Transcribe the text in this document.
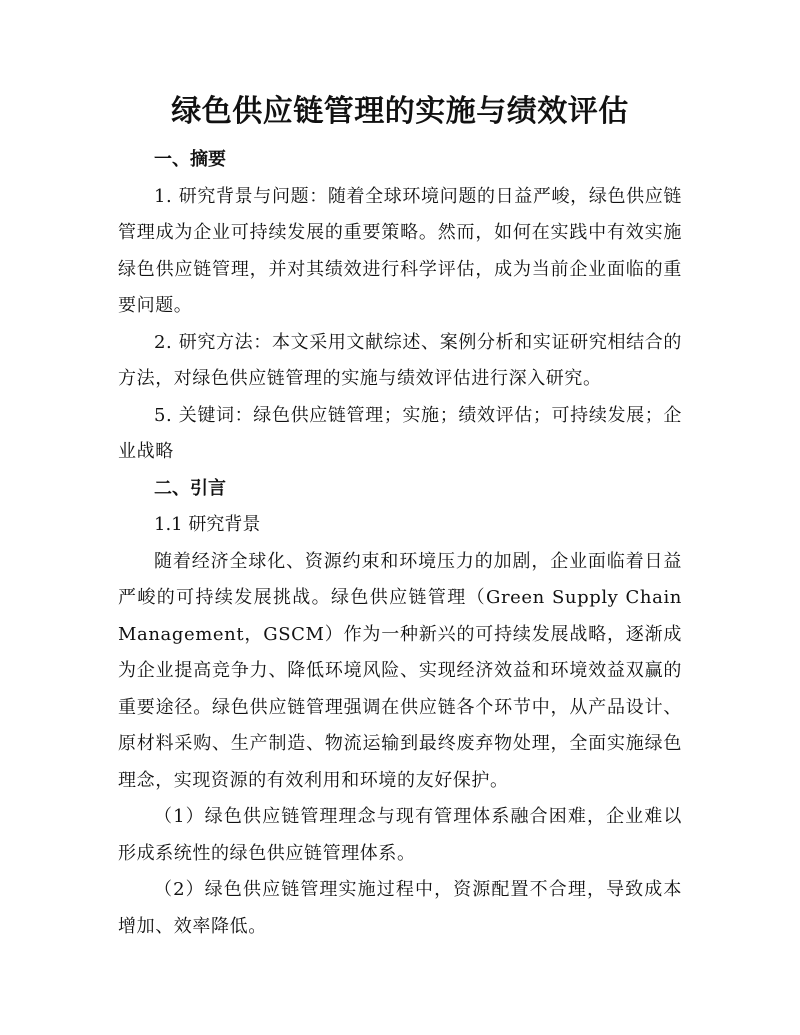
绿色供应链管理的实施与绩效评估
一、摘要

1. 研究背景与问题：随着全球环境问题的日益严峻，绿色供应链管理成为企业可持续发展的重要策略。然而，如何在实践中有效实施绿色供应链管理，并对其绩效进行科学评估，成为当前企业面临的重要问题。

2. 研究方法：本文采用文献综述、案例分析和实证研究相结合的方法，对绿色供应链管理的实施与绩效评估进行深入研究。

5. 关键词：绿色供应链管理；实施；绩效评估；可持续发展；企业战略

二、引言
1.1 研究背景

随着经济全球化、资源约束和环境压力的加剧，企业面临着日益严峻的可持续发展挑战。绿色供应链管理（Green Supply Chain Management，GSCM）作为一种新兴的可持续发展战略，逐渐成为企业提高竞争力、降低环境风险、实现经济效益和环境效益双赢的重要途径。绿色供应链管理强调在供应链各个环节中，从产品设计、原材料采购、生产制造、物流运输到最终废弃物处理，全面实施绿色理念，实现资源的有效利用和环境的友好保护。

（1）绿色供应链管理理念与现有管理体系融合困难，企业难以形成系统性的绿色供应链管理体系。

（2）绿色供应链管理实施过程中，资源配置不合理，导致成本增加、效率降低。
